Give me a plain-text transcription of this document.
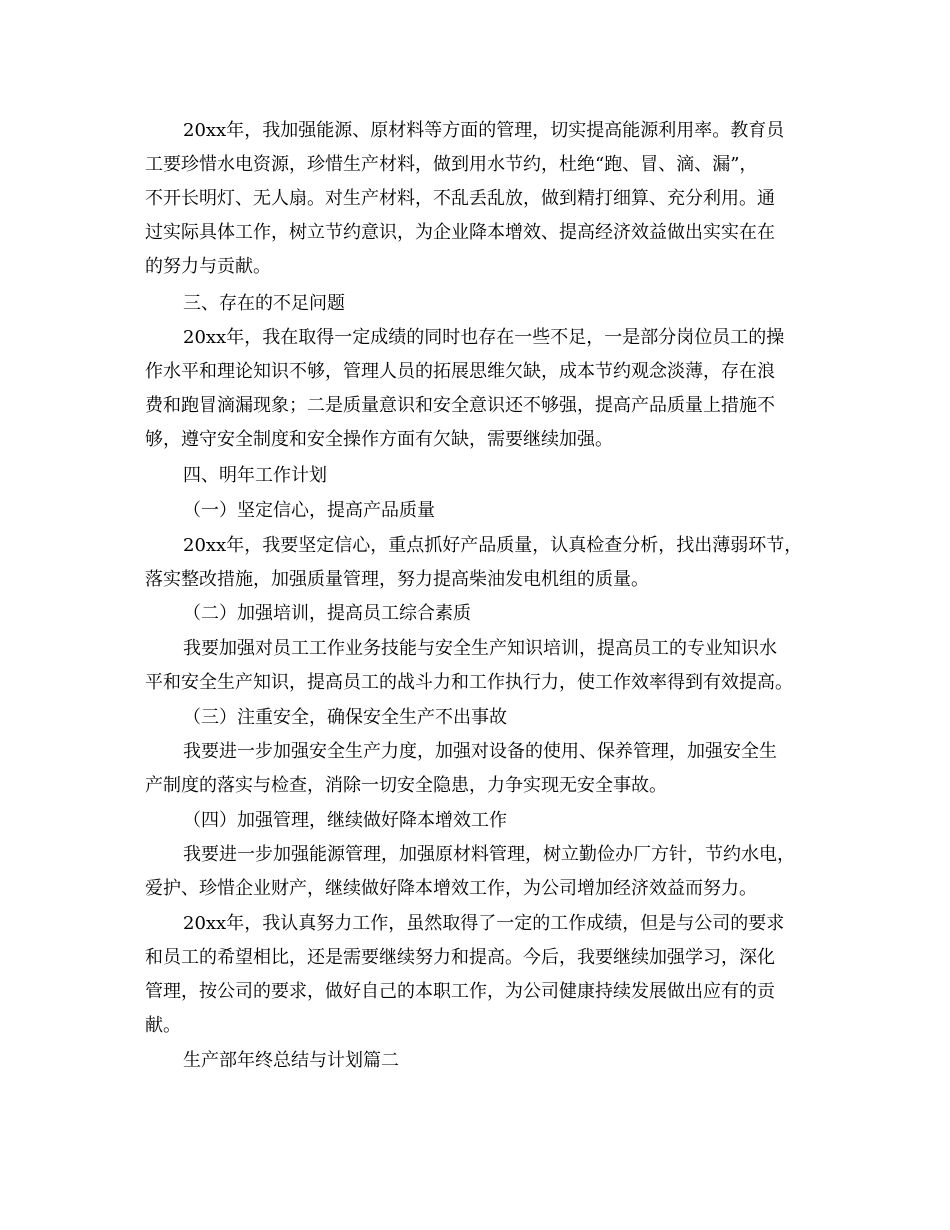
20xx年，我加强能源、原材料等方面的管理，切实提高能源利用率。教育员
工要珍惜水电资源，珍惜生产材料，做到用水节约，杜绝“跑、冒、滴、漏”，
不开长明灯、无人扇。对生产材料，不乱丢乱放，做到精打细算、充分利用。通
过实际具体工作，树立节约意识，为企业降本增效、提高经济效益做出实实在在
的努力与贡献。
三、存在的不足问题
20xx年，我在取得一定成绩的同时也存在一些不足，一是部分岗位员工的操
作水平和理论知识不够，管理人员的拓展思维欠缺，成本节约观念淡薄，存在浪
费和跑冒滴漏现象；二是质量意识和安全意识还不够强，提高产品质量上措施不
够，遵守安全制度和安全操作方面有欠缺，需要继续加强。
四、明年工作计划
（一）坚定信心，提高产品质量
20xx年，我要坚定信心，重点抓好产品质量，认真检查分析，找出薄弱环节，
落实整改措施，加强质量管理，努力提高柴油发电机组的质量。
（二）加强培训，提高员工综合素质
我要加强对员工工作业务技能与安全生产知识培训，提高员工的专业知识水
平和安全生产知识，提高员工的战斗力和工作执行力，使工作效率得到有效提高。
（三）注重安全，确保安全生产不出事故
我要进一步加强安全生产力度，加强对设备的使用、保养管理，加强安全生
产制度的落实与检查，消除一切安全隐患，力争实现无安全事故。
（四）加强管理，继续做好降本增效工作
我要进一步加强能源管理，加强原材料管理，树立勤俭办厂方针，节约水电，
爱护、珍惜企业财产，继续做好降本增效工作，为公司增加经济效益而努力。
20xx年，我认真努力工作，虽然取得了一定的工作成绩，但是与公司的要求
和员工的希望相比，还是需要继续努力和提高。今后，我要继续加强学习，深化
管理，按公司的要求，做好自己的本职工作，为公司健康持续发展做出应有的贡
献。
生产部年终总结与计划篇二
